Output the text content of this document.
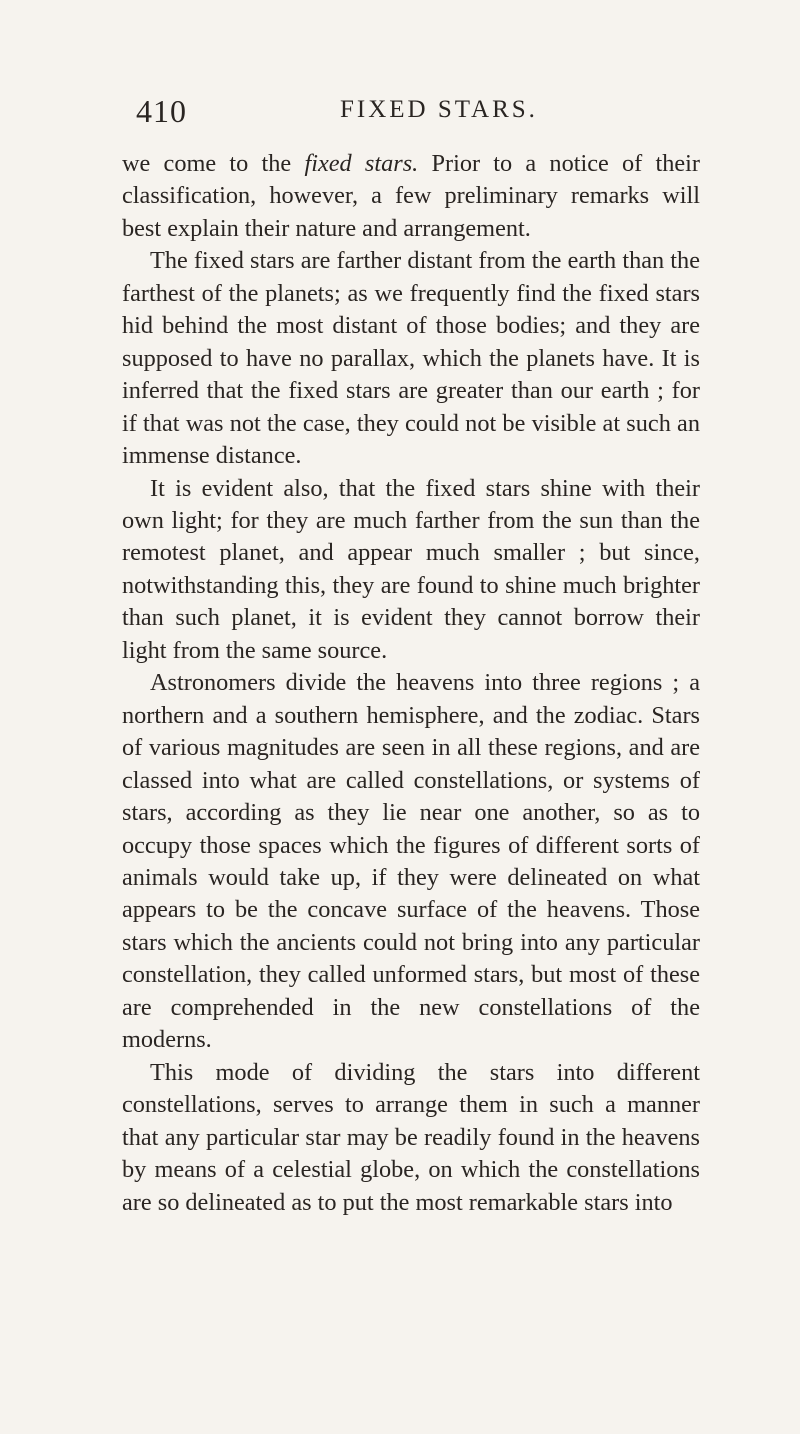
410	FIXED STARS.

we come to the fixed stars. Prior to a notice of their classification, however, a few preliminary remarks will best explain their nature and arrangement.

The fixed stars are farther distant from the earth than the farthest of the planets; as we frequently find the fixed stars hid behind the most distant of those bodies; and they are supposed to have no parallax, which the planets have. It is inferred that the fixed stars are greater than our earth ; for if that was not the case, they could not be visible at such an immense distance.

It is evident also, that the fixed stars shine with their own light; for they are much farther from the sun than the remotest planet, and appear much smaller ; but since, notwithstanding this, they are found to shine much brighter than such planet, it is evident they cannot borrow their light from the same source.

Astronomers divide the heavens into three regions ; a northern and a southern hemisphere, and the zodiac. Stars of various magnitudes are seen in all these regions, and are classed into what are called constellations, or systems of stars, according as they lie near one another, so as to occupy those spaces which the figures of different sorts of animals would take up, if they were delineated on what appears to be the concave surface of the heavens. Those stars which the ancients could not bring into any particular constellation, they called unformed stars, but most of these are comprehended in the new constellations of the moderns.

This mode of dividing the stars into different constellations, serves to arrange them in such a manner that any particular star may be readily found in the heavens by means of a celestial globe, on which the constellations are so delineated as to put the most remarkable stars into
